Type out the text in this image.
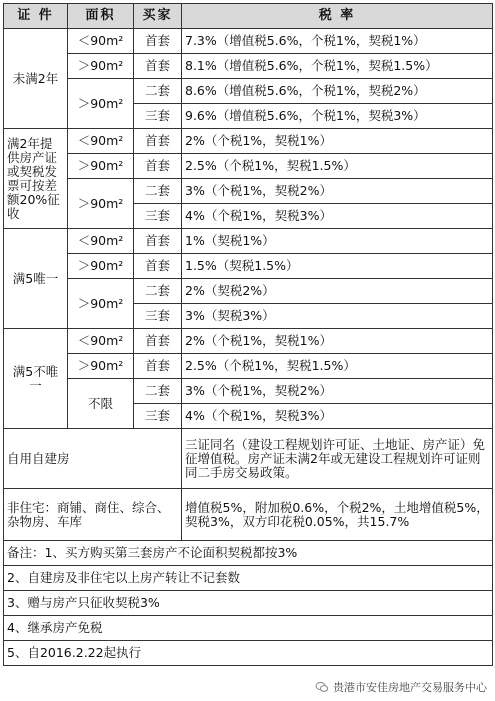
证 件	面积	买家	税 率
未满2年	＜90m²	首套	7.3%（增值税5.6%，个税1%，契税1%）
	＞90m²	首套	8.1%（增值税5.6%，个税1%，契税1.5%）
	＞90m²	二套	8.6%（增值税5.6%，个税1%，契税2%）
		三套	9.6%（增值税5.6%，个税1%，契税3%）
满2年提供房产证或契税发票可按差额20%征收	＜90m²	首套	2%（个税1%，契税1%）
	＞90m²	首套	2.5%（个税1%，契税1.5%）
	＞90m²	二套	3%（个税1%，契税2%）
		三套	4%（个税1%，契税3%）
满5唯一	＜90m²	首套	1%（契税1%）
	＞90m²	首套	1.5%（契税1.5%）
	＞90m²	二套	2%（契税2%）
		三套	3%（契税3%）
满5不唯一	＜90m²	首套	2%（个税1%，契税1%）
	＞90m²	首套	2.5%（个税1%，契税1.5%）
	不限	二套	3%（个税1%，契税2%）
		三套	4%（个税1%，契税3%）
自用自建房			三证同名（建设工程规划许可证、土地证、房产证）免征增值税。房产证未满2年或无建设工程规划许可证则同二手房交易政策。
非住宅：商铺、商住、综合、杂物房、车库			增值税5%，附加税0.6%，个税2%，土地增值税5%，契税3%，双方印花税0.05%，共15.7%
备注：1、买方购买第三套房产不论面积契税都按3%			
2、自建房及非住宅以上房产转让不记套数			
3、赠与房产只征收契税3%			
4、继承房产免税			
5、自2016.2.22起执行			
贵港市安佳房地产交易服务中心
